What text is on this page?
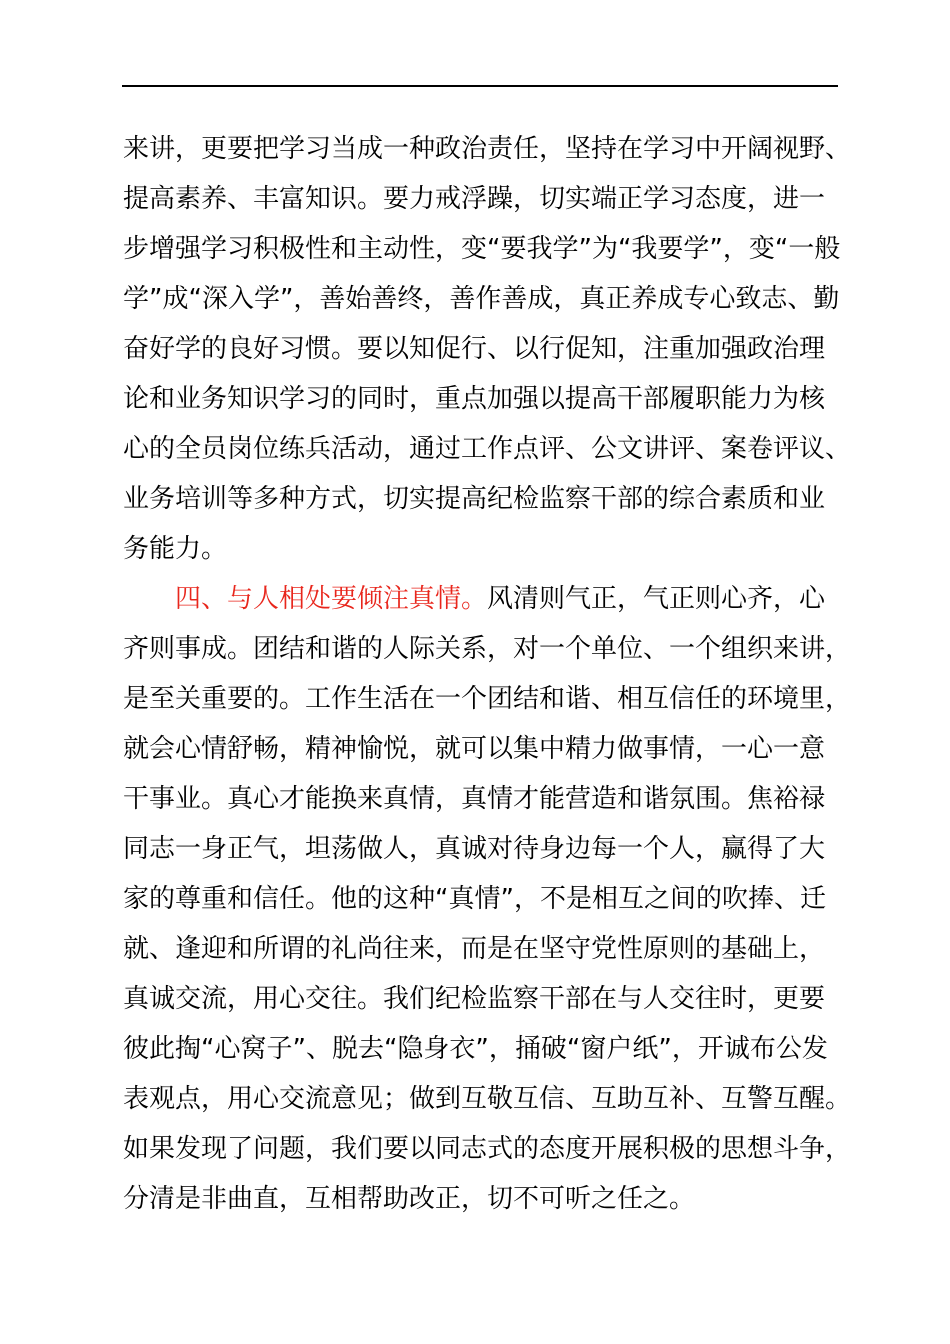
来讲，更要把学习当成一种政治责任，坚持在学习中开阔视野、
提高素养、丰富知识。要力戒浮躁，切实端正学习态度，进一
步增强学习积极性和主动性，变“要我学”为“我要学”，变“一般
学”成“深入学”，善始善终，善作善成，真正养成专心致志、勤
奋好学的良好习惯。要以知促行、以行促知，注重加强政治理
论和业务知识学习的同时，重点加强以提高干部履职能力为核
心的全员岗位练兵活动，通过工作点评、公文讲评、案卷评议、
业务培训等多种方式，切实提高纪检监察干部的综合素质和业
务能力。
四、与人相处要倾注真情。风清则气正，气正则心齐，心
齐则事成。团结和谐的人际关系，对一个单位、一个组织来讲，
是至关重要的。工作生活在一个团结和谐、相互信任的环境里，
就会心情舒畅，精神愉悦，就可以集中精力做事情，一心一意
干事业。真心才能换来真情，真情才能营造和谐氛围。焦裕禄
同志一身正气，坦荡做人，真诚对待身边每一个人，赢得了大
家的尊重和信任。他的这种“真情”，不是相互之间的吹捧、迁
就、逢迎和所谓的礼尚往来，而是在坚守党性原则的基础上，
真诚交流，用心交往。我们纪检监察干部在与人交往时，更要
彼此掏“心窝子”、脱去“隐身衣”，捅破“窗户纸”，开诚布公发
表观点，用心交流意见；做到互敬互信、互助互补、互警互醒。
如果发现了问题，我们要以同志式的态度开展积极的思想斗争，
分清是非曲直，互相帮助改正，切不可听之任之。
